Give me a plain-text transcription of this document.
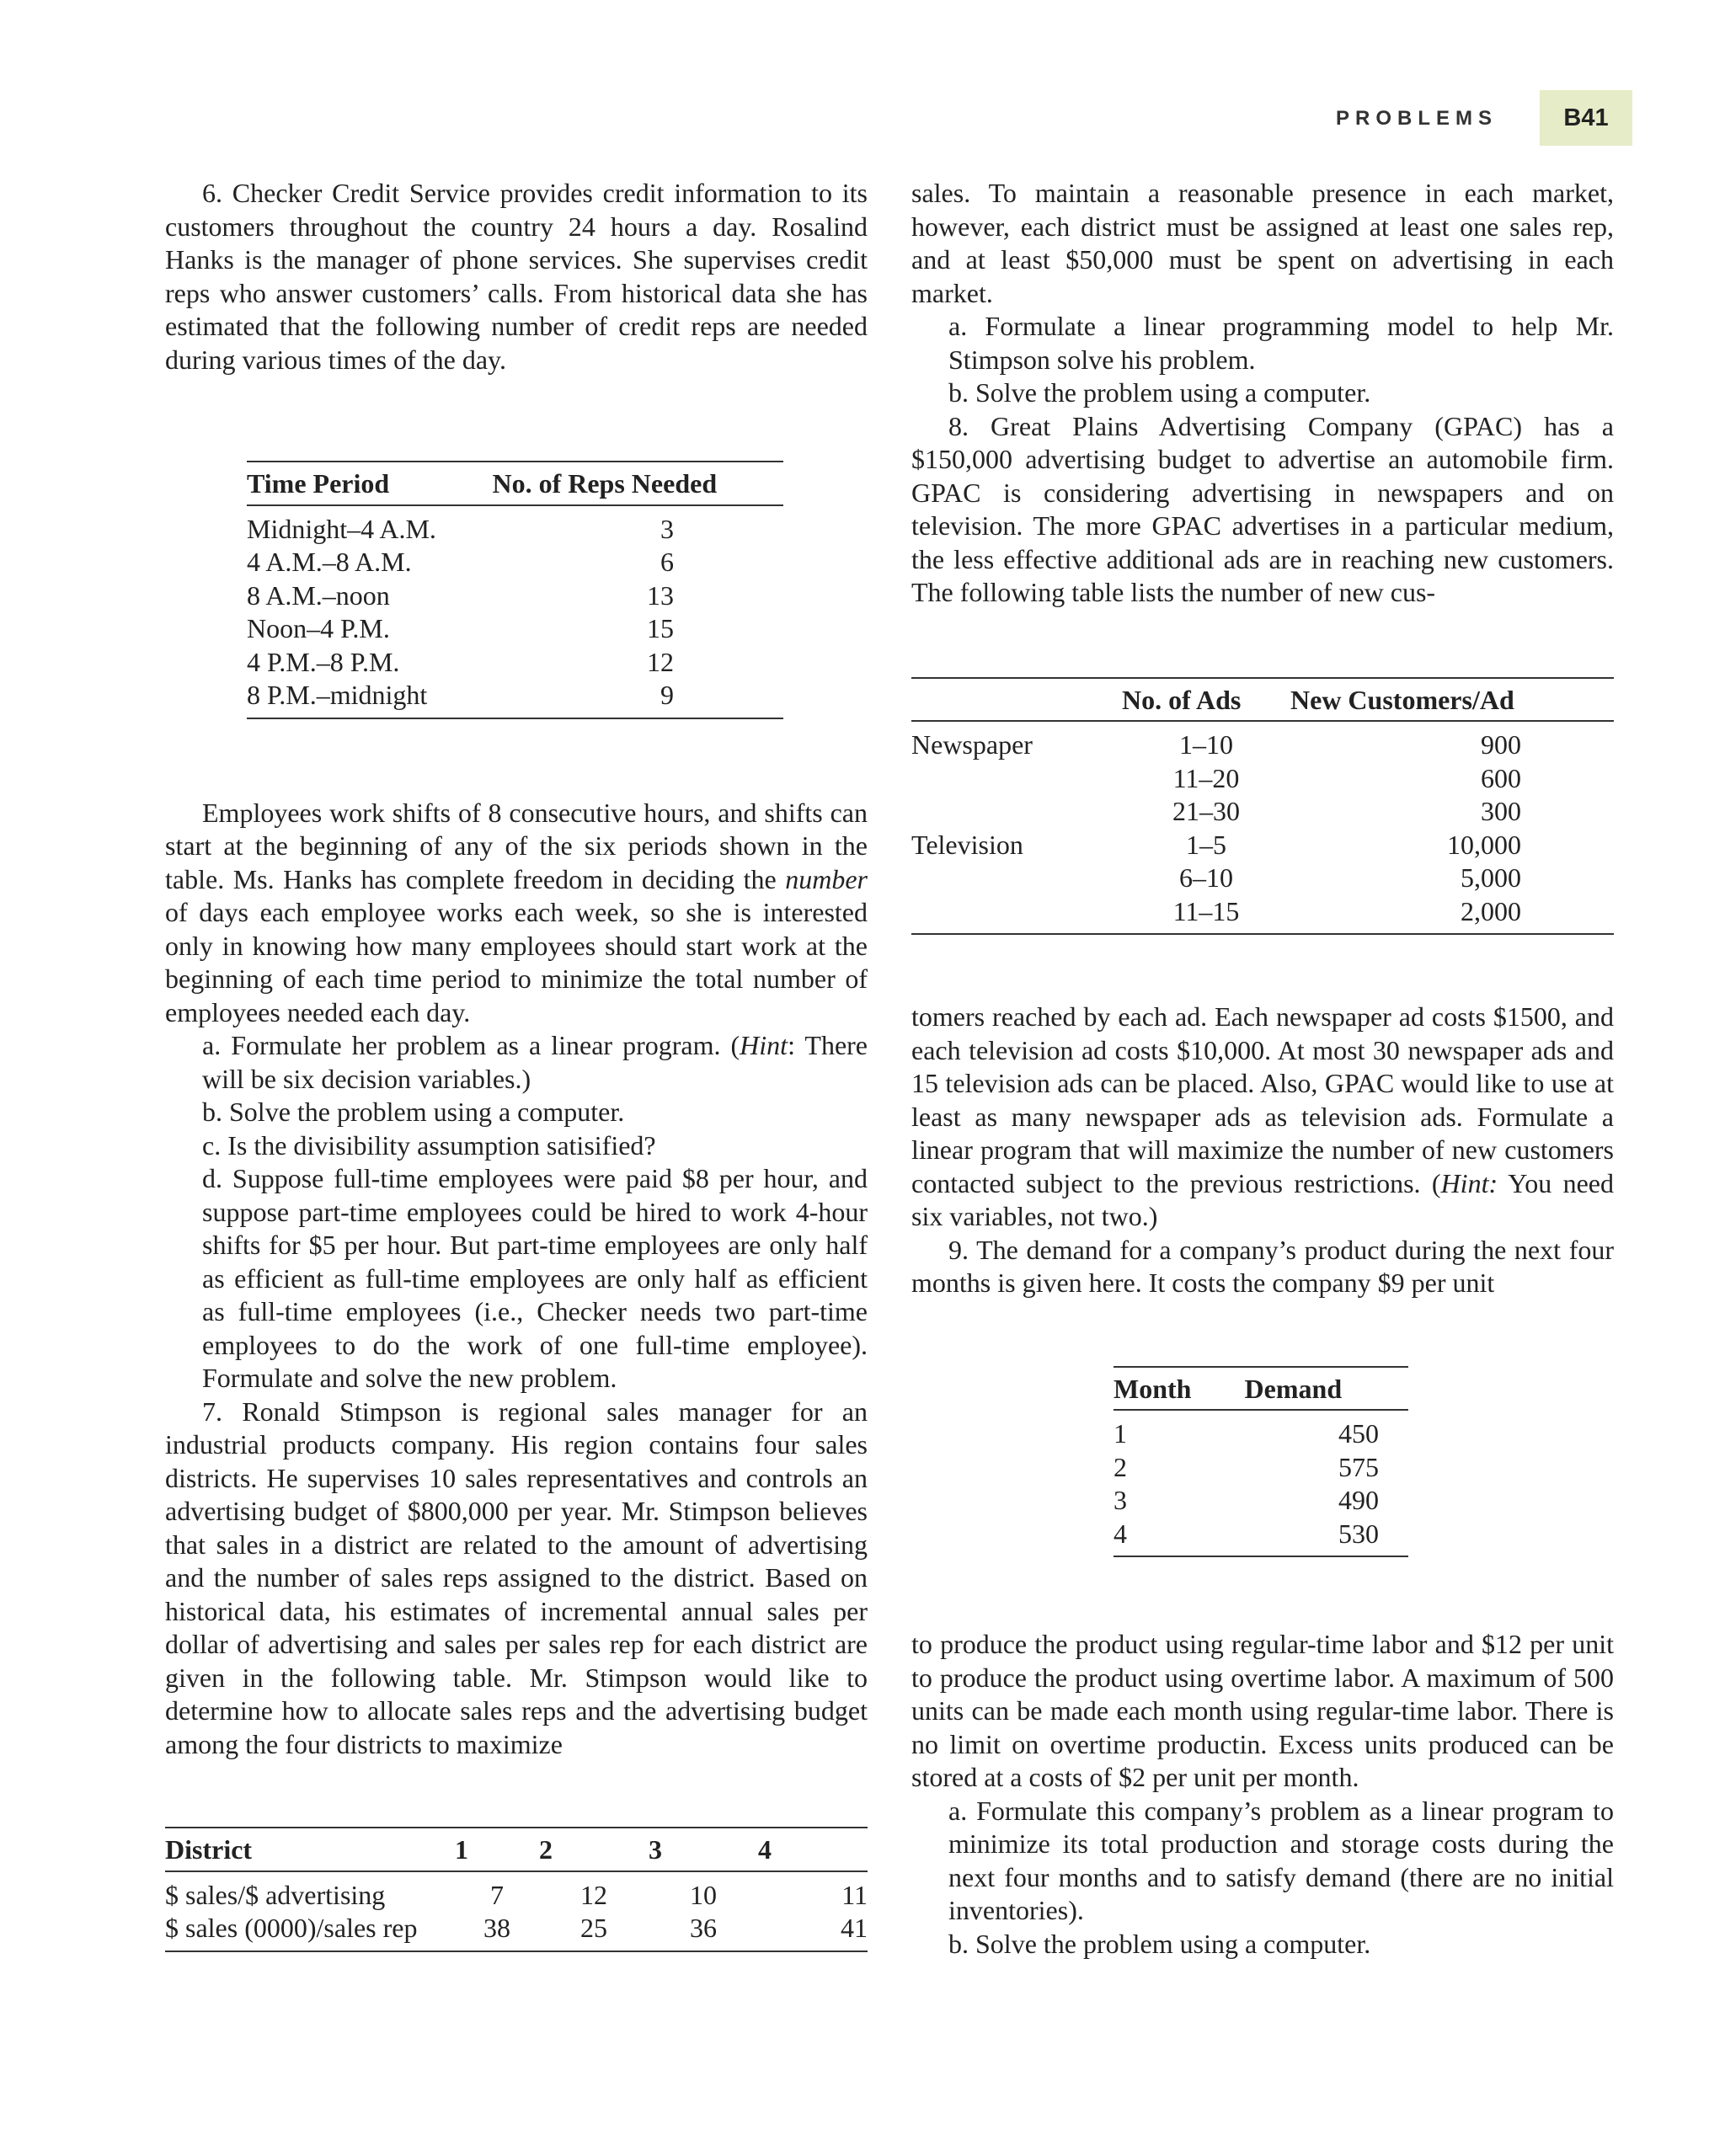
PROBLEMS	B41

6. Checker Credit Service provides credit information to its customers throughout the country 24 hours a day. Rosalind Hanks is the manager of phone services. She supervises credit reps who answer customers’ calls. From historical data she has estimated that the following number of credit reps are needed during various times of the day.

Time Period	No. of Reps Needed
Midnight–4 A.M.	3
4 A.M.–8 A.M.	6
8 A.M.–noon	13
Noon–4 P.M.	15
4 P.M.–8 P.M.	12
8 P.M.–midnight	9

Employees work shifts of 8 consecutive hours, and shifts can start at the beginning of any of the six periods shown in the table. Ms. Hanks has complete freedom in deciding the number of days each employee works each week, so she is interested only in knowing how many employees should start work at the beginning of each time period to minimize the total number of employees needed each day.

a. Formulate her problem as a linear program. (Hint: There will be six decision variables.)

b. Solve the problem using a computer.

c. Is the divisibility assumption satisified?

d. Suppose full-time employees were paid $8 per hour, and suppose part-time employees could be hired to work 4-hour shifts for $5 per hour. But part-time employees are only half as efficient as full-time employees are only half as efficient as full-time employees (i.e., Checker needs two part-time employees to do the work of one full-time employee). Formulate and solve the new problem.

7. Ronald Stimpson is regional sales manager for an industrial products company. His region contains four sales districts. He supervises 10 sales representatives and controls an advertising budget of $800,000 per year. Mr. Stimpson believes that sales in a district are related to the amount of advertising and the number of sales reps assigned to the district. Based on historical data, his estimates of incremental annual sales per dollar of advertising and sales per sales rep for each district are given in the following table. Mr. Stimpson would like to determine how to allocate sales reps and the advertising budget among the four districts to maximize

District	1	2	3	4
$ sales/$ advertising	7	12	10	11
$ sales (0000)/sales rep	38	25	36	41

sales. To maintain a reasonable presence in each market, however, each district must be assigned at least one sales rep, and at least $50,000 must be spent on advertising in each market.

a. Formulate a linear programming model to help Mr. Stimpson solve his problem.

b. Solve the problem using a computer.

8. Great Plains Advertising Company (GPAC) has a $150,000 advertising budget to advertise an automobile firm. GPAC is considering advertising in newspapers and on television. The more GPAC advertises in a particular medium, the less effective additional ads are in reaching new customers. The following table lists the number of new cus-

	No. of Ads	New Customers/Ad
Newspaper	1–10	900
	11–20	600
	21–30	300
Television	1–5	10,000
	6–10	5,000
	11–15	2,000

tomers reached by each ad. Each newspaper ad costs $1500, and each television ad costs $10,000. At most 30 newspaper ads and 15 television ads can be placed. Also, GPAC would like to use at least as many newspaper ads as television ads. Formulate a linear program that will maximize the number of new customers contacted subject to the previous restrictions. (Hint: You need six variables, not two.)

9. The demand for a company’s product during the next four months is given here. It costs the company $9 per unit

Month	Demand
1	450
2	575
3	490
4	530

to produce the product using regular-time labor and $12 per unit to produce the product using overtime labor. A maximum of 500 units can be made each month using regular-time labor. There is no limit on overtime productin. Excess units produced can be stored at a costs of $2 per unit per month.

a. Formulate this company’s problem as a linear program to minimize its total production and storage costs during the next four months and to satisfy demand (there are no initial inventories).

b. Solve the problem using a computer.
